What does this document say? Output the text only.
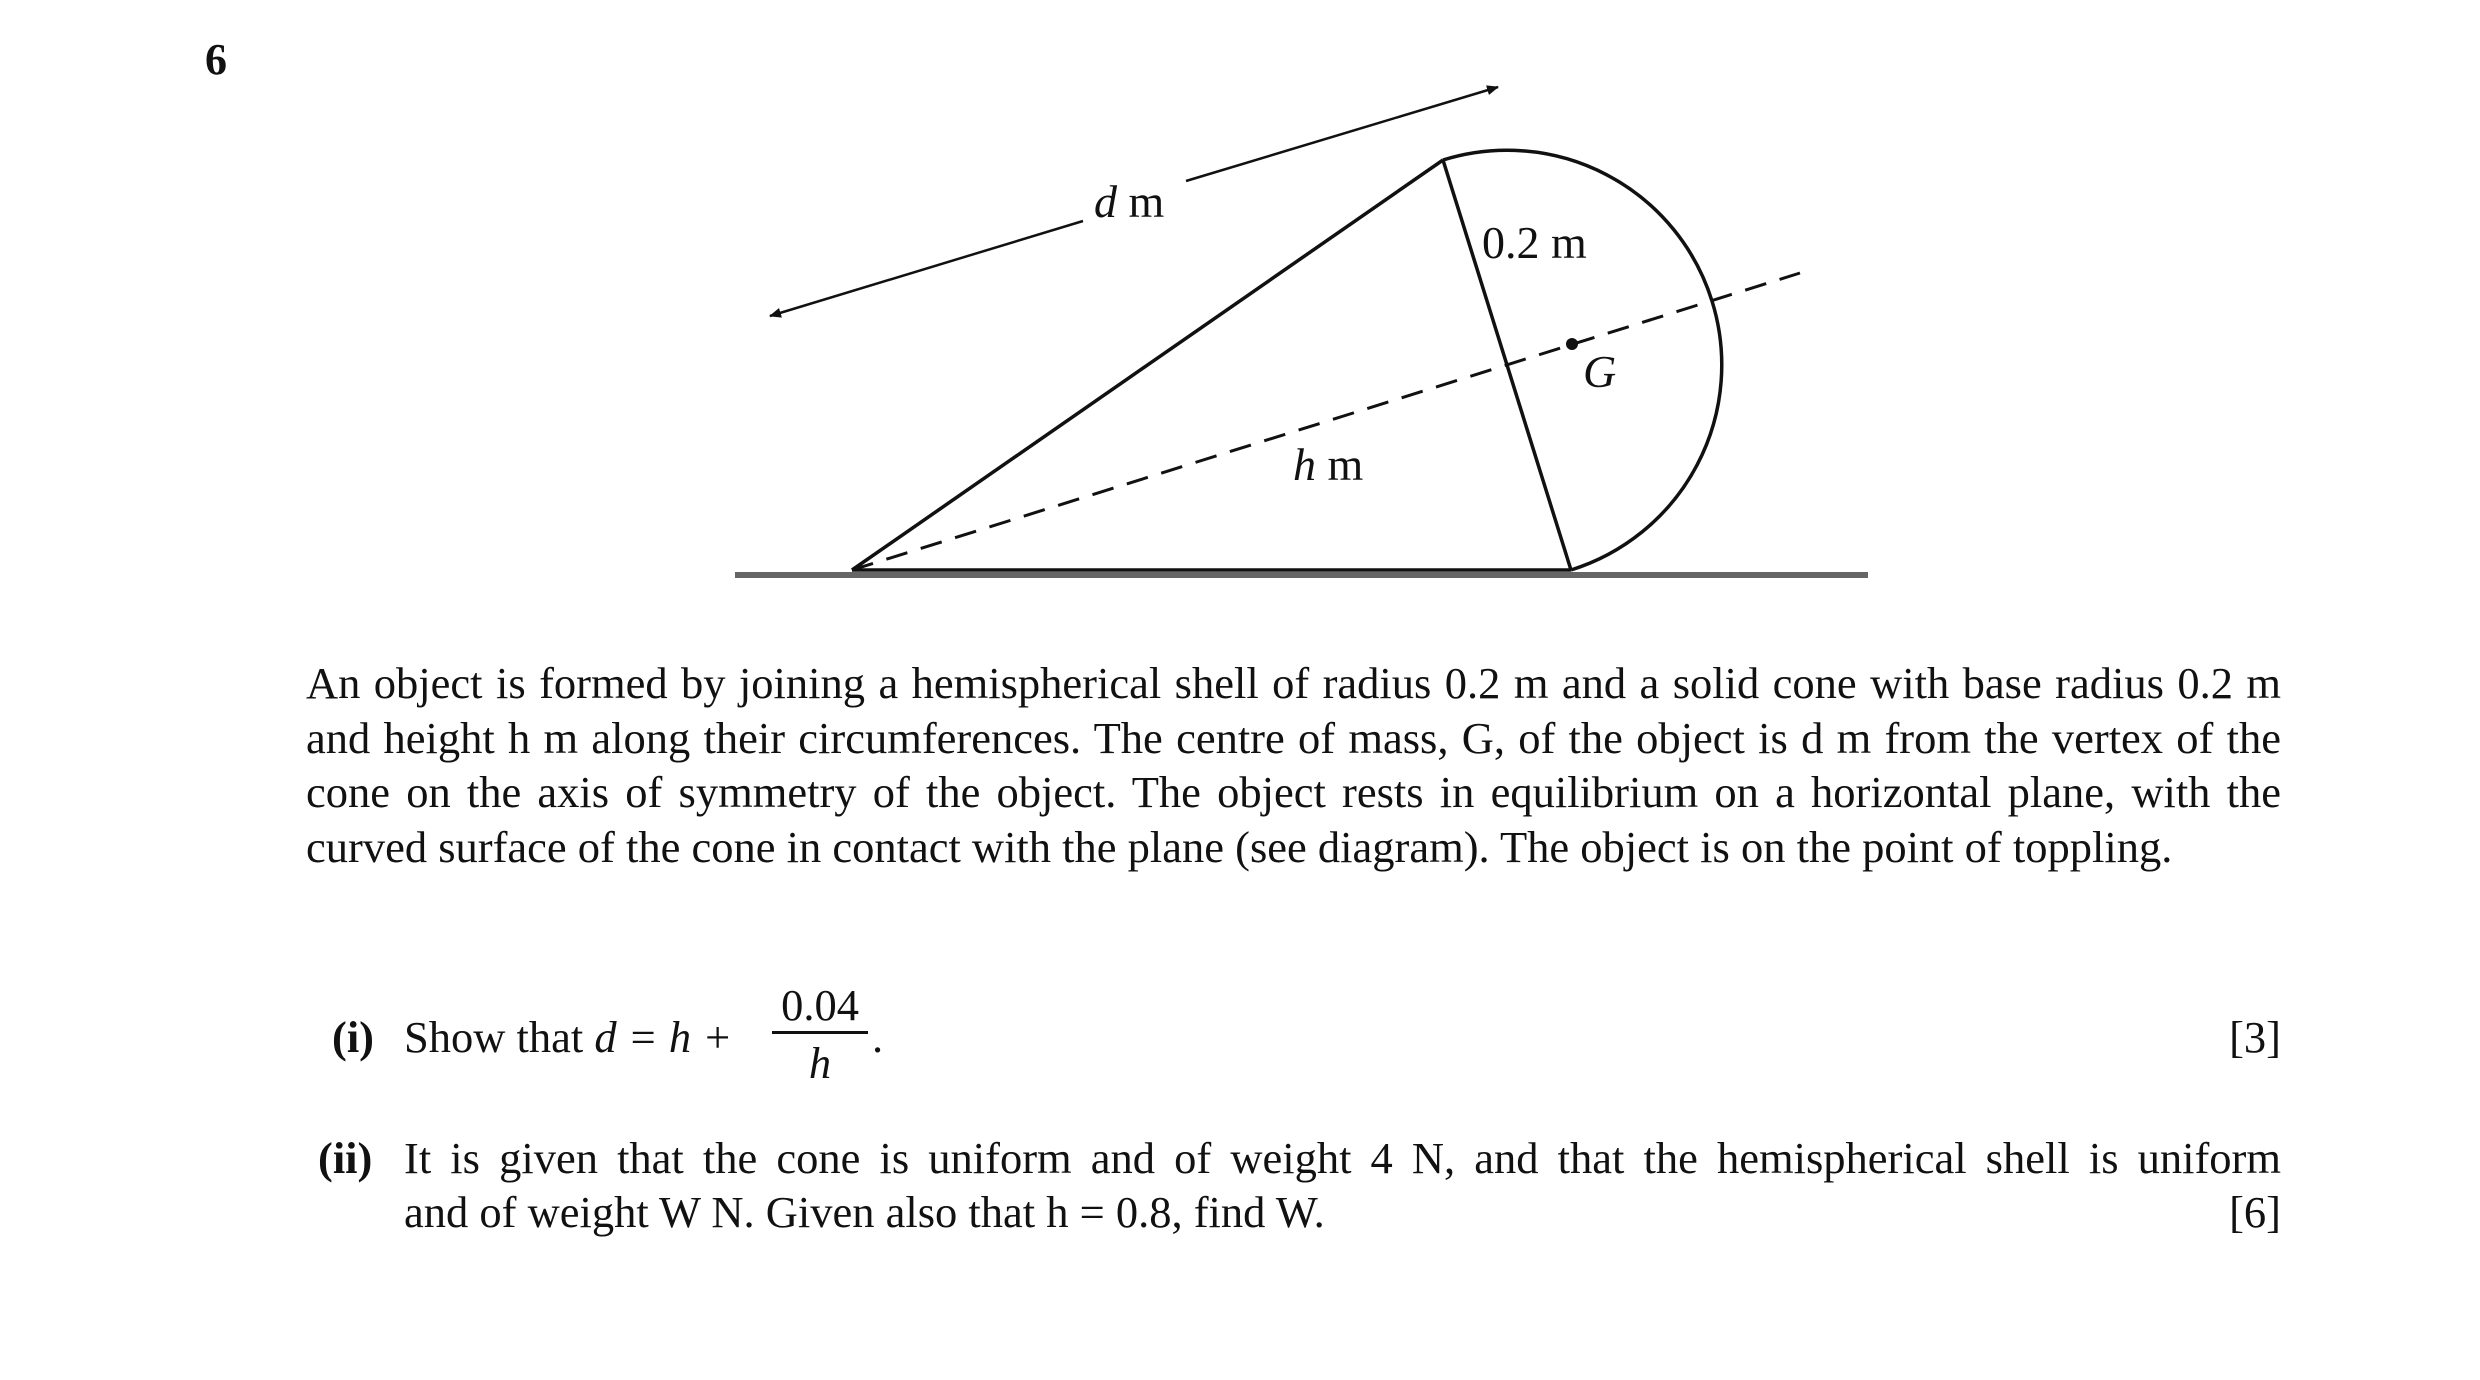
6
d m
0.2 m
G
h m

An object is formed by joining a hemispherical shell of radius 0.2 m and a solid cone with base radius 0.2 m and height h m along their circumferences. The centre of mass, G, of the object is d m from the vertex of the cone on the axis of symmetry of the object. The object rests in equilibrium on a horizontal plane, with the curved surface of the cone in contact with the plane (see diagram). The object is on the point of toppling.

(i) Show that d = h +
0.04
h
.	[3]
(ii) It is given that the cone is uniform and of weight 4 N, and that the hemispherical shell is uniform
and of weight W N. Given also that h = 0.8, find W.	[6]
